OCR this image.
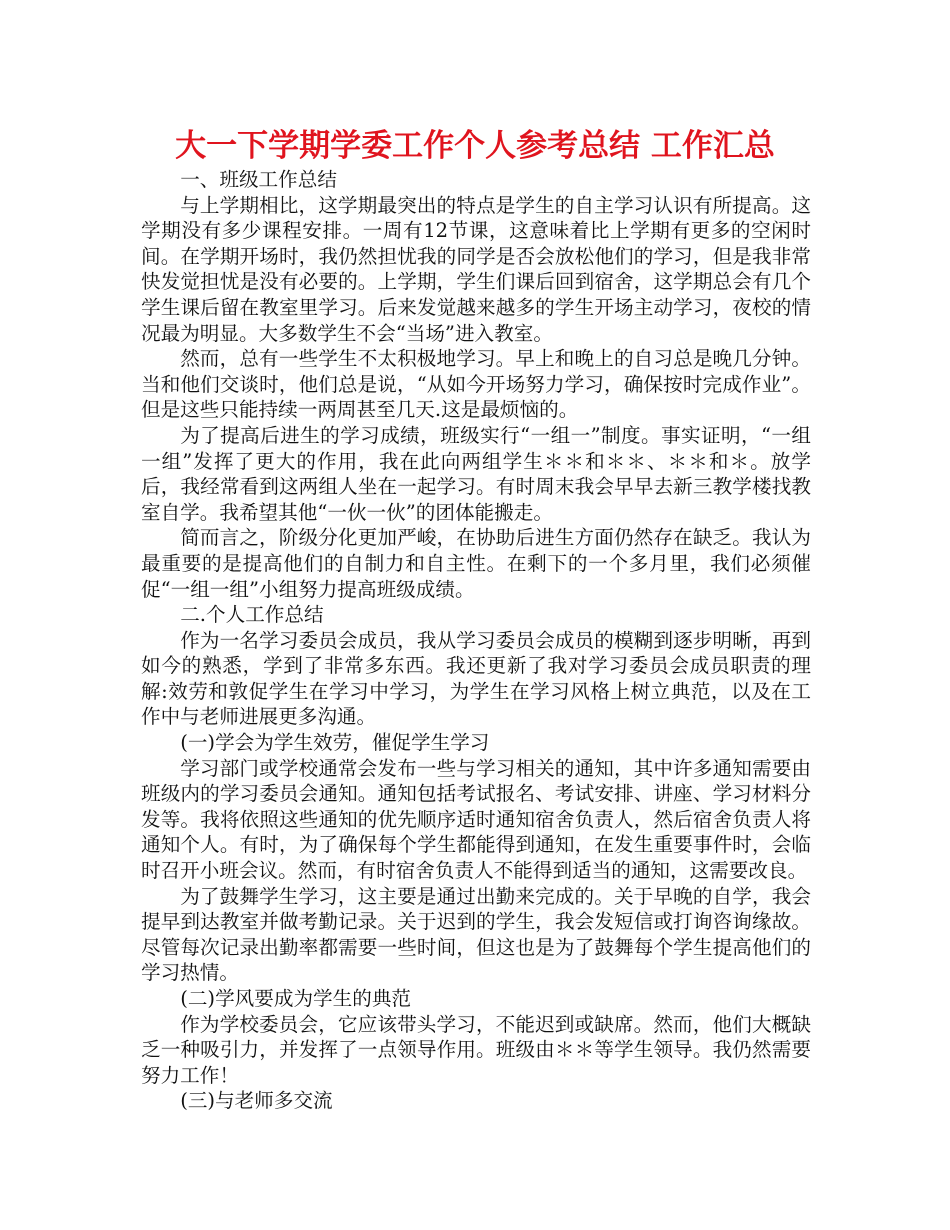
大一下学期学委工作个人参考总结 工作汇总

一、班级工作总结

与上学期相比，这学期最突出的特点是学生的自主学习认识有所提高。这学期没有多少课程安排。一周有12节课，这意味着比上学期有更多的空闲时间。在学期开场时，我仍然担忧我的同学是否会放松他们的学习，但是我非常快发觉担忧是没有必要的。上学期，学生们课后回到宿舍，这学期总会有几个学生课后留在教室里学习。后来发觉越来越多的学生开场主动学习，夜校的情况最为明显。大多数学生不会“当场”进入教室。

然而，总有一些学生不太积极地学习。早上和晚上的自习总是晚几分钟。当和他们交谈时，他们总是说，“从如今开场努力学习，确保按时完成作业”。但是这些只能持续一两周甚至几天.这是最烦恼的。

为了提高后进生的学习成绩，班级实行“一组一”制度。事实证明，“一组一组”发挥了更大的作用，我在此向两组学生＊＊和＊＊、＊＊和＊。放学后，我经常看到这两组人坐在一起学习。有时周末我会早早去新三教学楼找教室自学。我希望其他“一伙一伙”的团体能搬走。

简而言之，阶级分化更加严峻，在协助后进生方面仍然存在缺乏。我认为最重要的是提高他们的自制力和自主性。在剩下的一个多月里，我们必须催促“一组一组”小组努力提高班级成绩。

二.个人工作总结

作为一名学习委员会成员，我从学习委员会成员的模糊到逐步明晰，再到如今的熟悉，学到了非常多东西。我还更新了我对学习委员会成员职责的理解:效劳和敦促学生在学习中学习，为学生在学习风格上树立典范，以及在工作中与老师进展更多沟通。

(一)学会为学生效劳，催促学生学习

学习部门或学校通常会发布一些与学习相关的通知，其中许多通知需要由班级内的学习委员会通知。通知包括考试报名、考试安排、讲座、学习材料分发等。我将依照这些通知的优先顺序适时通知宿舍负责人，然后宿舍负责人将通知个人。有时，为了确保每个学生都能得到通知，在发生重要事件时，会临时召开小班会议。然而，有时宿舍负责人不能得到适当的通知，这需要改良。

为了鼓舞学生学习，这主要是通过出勤来完成的。关于早晚的自学，我会提早到达教室并做考勤记录。关于迟到的学生，我会发短信或打询咨询缘故。尽管每次记录出勤率都需要一些时间，但这也是为了鼓舞每个学生提高他们的学习热情。

(二)学风要成为学生的典范

作为学校委员会，它应该带头学习，不能迟到或缺席。然而，他们大概缺乏一种吸引力，并发挥了一点领导作用。班级由＊＊等学生领导。我仍然需要努力工作！

(三)与老师多交流
